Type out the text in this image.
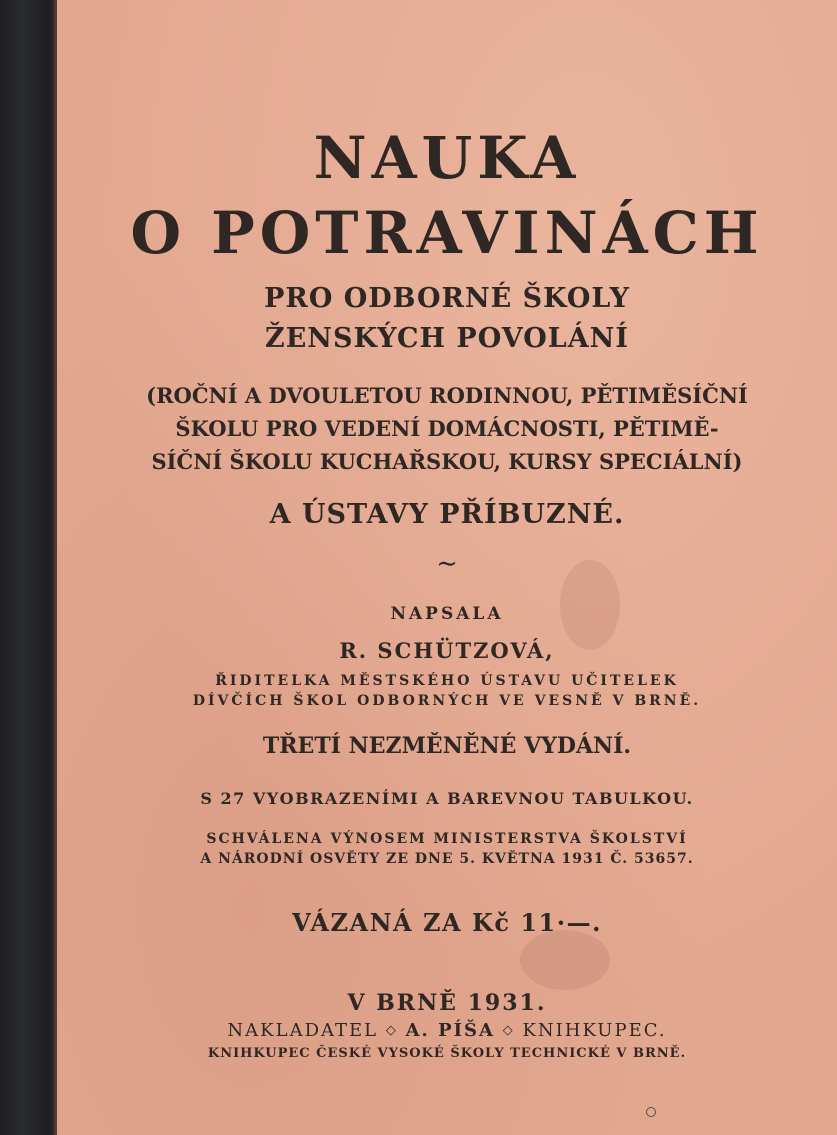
NAUKA
O POTRAVINÁCH
PRO ODBORNÉ ŠKOLY
ŽENSKÝCH POVOLÁNÍ
(ROČNÍ A DVOULETOU RODINNOU, PĚTIMĚSÍČNÍ
ŠKOLU PRO VEDENÍ DOMÁCNOSTI, PĚTIMĚ-
SÍČNÍ ŠKOLU KUCHAŘSKOU, KURSY SPECIÁLNÍ)
A ÚSTAVY PŘÍBUZNÉ.
∼
NAPSALA
R. SCHÜTZOVÁ,
ŘIDITELKA MĚSTSKÉHO ÚSTAVU UČITELEK
DÍVČÍCH ŠKOL ODBORNÝCH VE VESNĚ V BRNĚ.
TŘETÍ NEZMĚNĚNÉ VYDÁNÍ.
S 27 VYOBRAZENÍMI A BAREVNOU TABULKOU.
SCHVÁLENA VÝNOSEM MINISTERSTVA ŠKOLSTVÍ
A NÁRODNÍ OSVĚTY ZE DNE 5. KVĚTNA 1931 Č. 53657.
VÁZANÁ ZA Kč 11·—.
V BRNĚ 1931.
NAKLADATEL ◇ A. PÍŠA ◇ KNIHKUPEC.
KNIHKUPEC ČESKÉ VYSOKÉ ŠKOLY TECHNICKÉ V BRNĚ.
